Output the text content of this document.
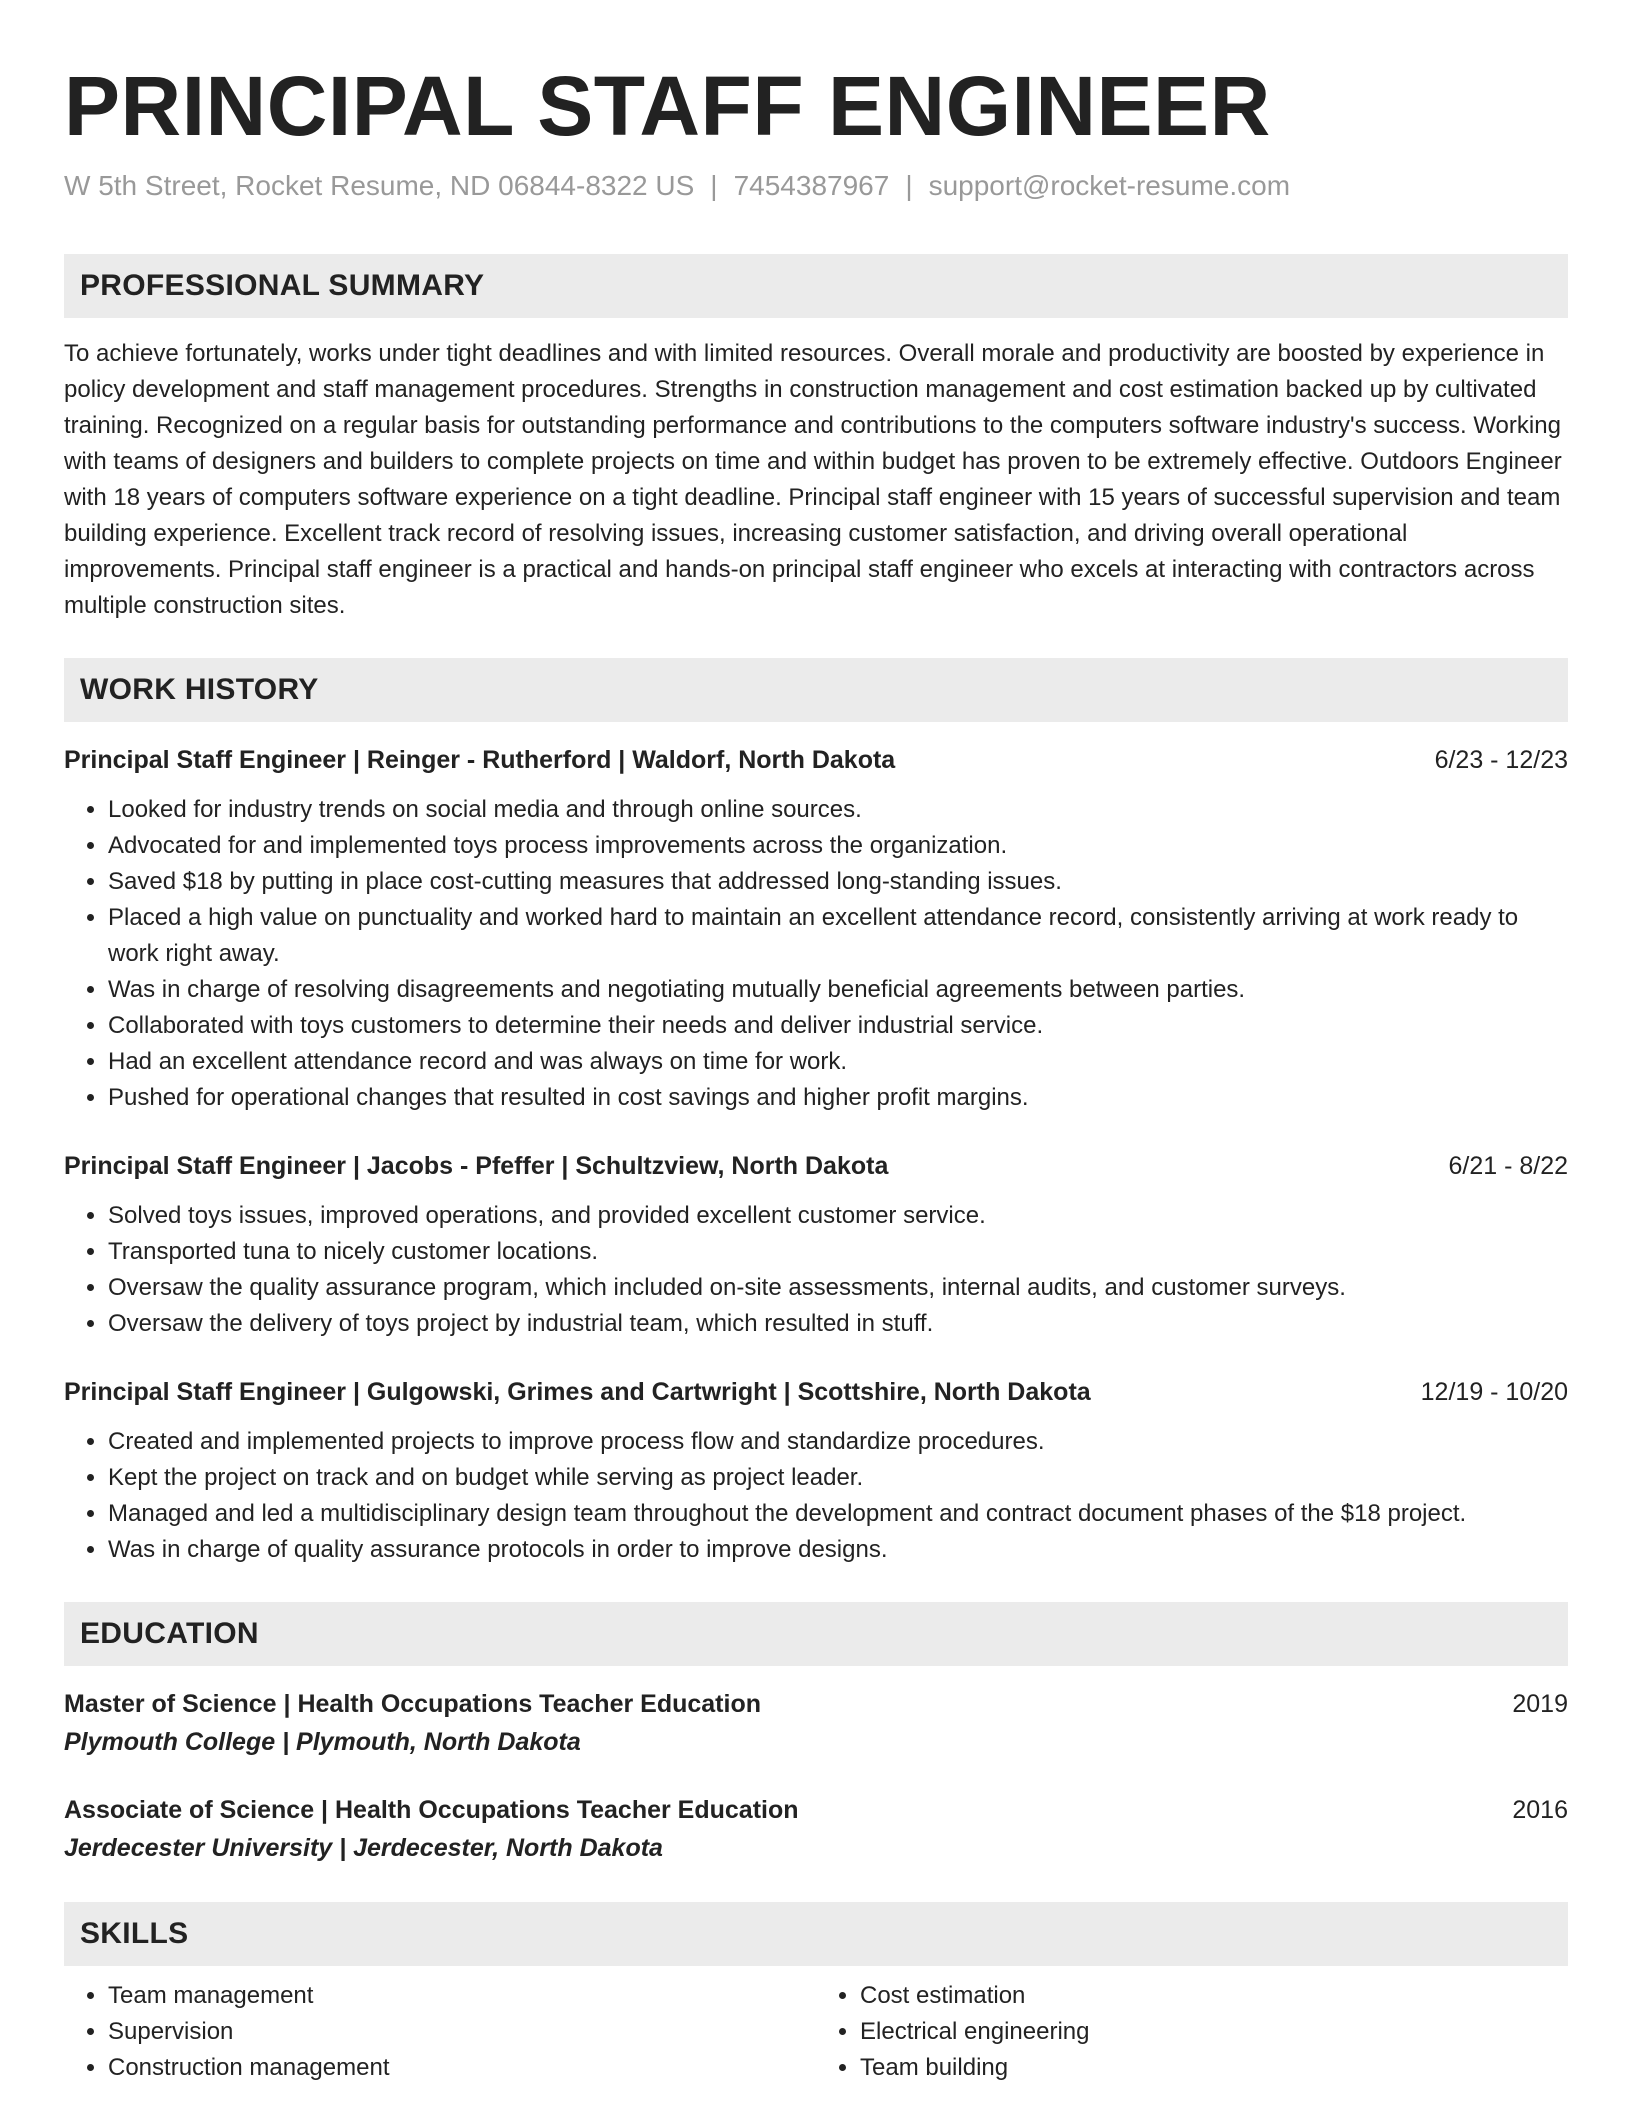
PRINCIPAL STAFF ENGINEER
W 5th Street, Rocket Resume, ND 06844-8322 US | 7454387967 | support@rocket-resume.com
PROFESSIONAL SUMMARY

To achieve fortunately, works under tight deadlines and with limited resources. Overall morale and productivity are boosted by experience in policy development and staff management procedures. Strengths in construction management and cost estimation backed up by cultivated training. Recognized on a regular basis for outstanding performance and contributions to the computers software industry's success. Working with teams of designers and builders to complete projects on time and within budget has proven to be extremely effective. Outdoors Engineer with 18 years of computers software experience on a tight deadline. Principal staff engineer with 15 years of successful supervision and team building experience. Excellent track record of resolving issues, increasing customer satisfaction, and driving overall operational improvements. Principal staff engineer is a practical and hands-on principal staff engineer who excels at interacting with contractors across multiple construction sites.

WORK HISTORY
Principal Staff Engineer | Reinger - Rutherford | Waldorf, North Dakota	6/23 - 12/23
• Looked for industry trends on social media and through online sources.
• Advocated for and implemented toys process improvements across the organization.
• Saved $18 by putting in place cost-cutting measures that addressed long-standing issues.
• Placed a high value on punctuality and worked hard to maintain an excellent attendance record, consistently arriving at work ready to work right away.
• Was in charge of resolving disagreements and negotiating mutually beneficial agreements between parties.
• Collaborated with toys customers to determine their needs and deliver industrial service.
• Had an excellent attendance record and was always on time for work.
• Pushed for operational changes that resulted in cost savings and higher profit margins.
Principal Staff Engineer | Jacobs - Pfeffer | Schultzview, North Dakota	6/21 - 8/22
• Solved toys issues, improved operations, and provided excellent customer service.
• Transported tuna to nicely customer locations.
• Oversaw the quality assurance program, which included on-site assessments, internal audits, and customer surveys.
• Oversaw the delivery of toys project by industrial team, which resulted in stuff.
Principal Staff Engineer | Gulgowski, Grimes and Cartwright | Scottshire, North Dakota	12/19 - 10/20
• Created and implemented projects to improve process flow and standardize procedures.
• Kept the project on track and on budget while serving as project leader.
• Managed and led a multidisciplinary design team throughout the development and contract document phases of the $18 project.
• Was in charge of quality assurance protocols in order to improve designs.
EDUCATION
Master of Science | Health Occupations Teacher Education	2019
Plymouth College | Plymouth, North Dakota
Associate of Science | Health Occupations Teacher Education	2016
Jerdecester University | Jerdecester, North Dakota
SKILLS
• Team management
• Supervision
• Construction management
• Cost estimation
• Electrical engineering
• Team building
